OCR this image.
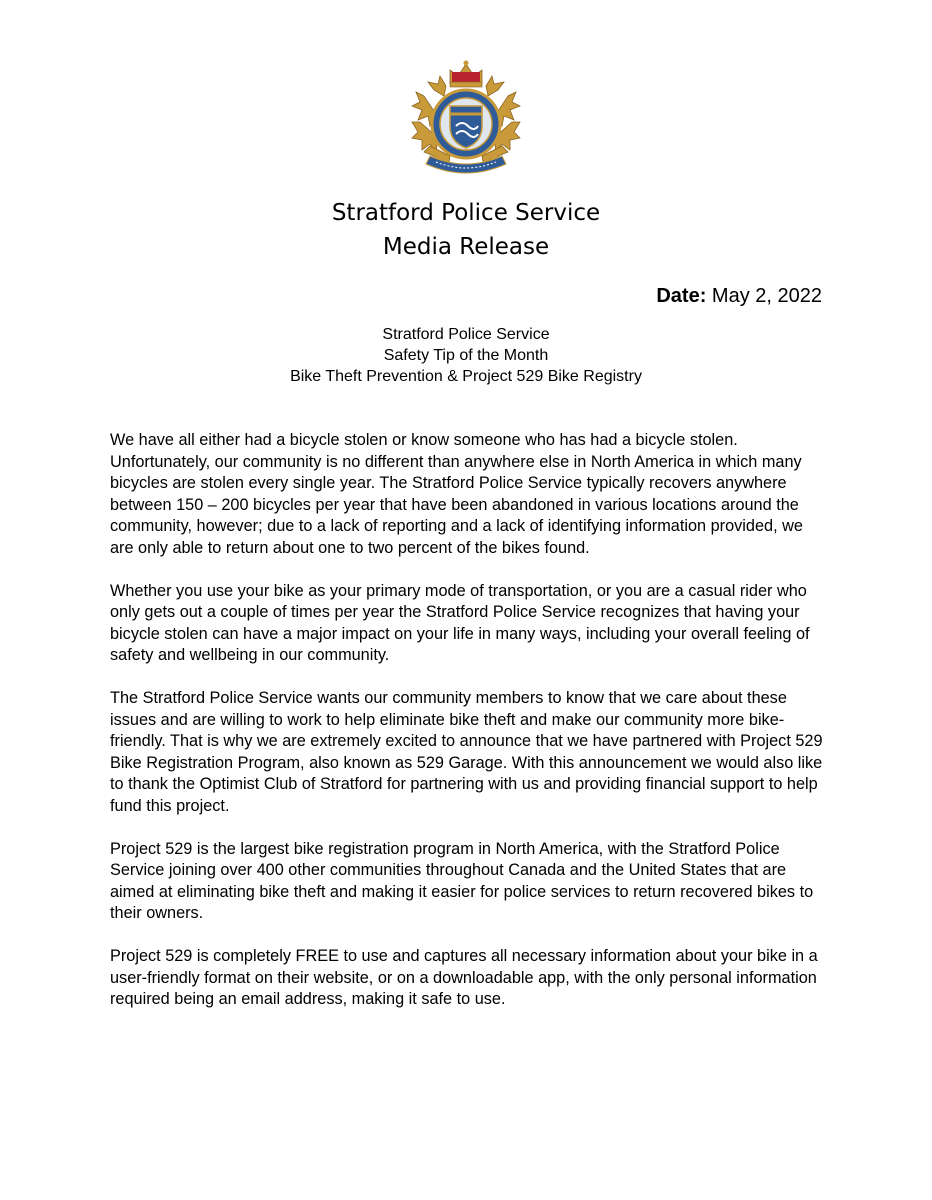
Stratford Police Service
Media Release
Date: May 2, 2022
Stratford Police Service
Safety Tip of the Month
Bike Theft Prevention & Project 529 Bike Registry

We have all either had a bicycle stolen or know someone who has had a bicycle stolen. Unfortunately, our community is no different than anywhere else in North America in which many bicycles are stolen every single year. The Stratford Police Service typically recovers anywhere between 150 – 200 bicycles per year that have been abandoned in various locations around the community, however; due to a lack of reporting and a lack of identifying information provided, we are only able to return about one to two percent of the bikes found.

Whether you use your bike as your primary mode of transportation, or you are a casual rider who only gets out a couple of times per year the Stratford Police Service recognizes that having your bicycle stolen can have a major impact on your life in many ways, including your overall feeling of safety and wellbeing in our community.

The Stratford Police Service wants our community members to know that we care about these issues and are willing to work to help eliminate bike theft and make our community more bike-friendly. That is why we are extremely excited to announce that we have partnered with Project 529 Bike Registration Program, also known as 529 Garage. With this announcement we would also like to thank the Optimist Club of Stratford for partnering with us and providing financial support to help fund this project.

Project 529 is the largest bike registration program in North America, with the Stratford Police Service joining over 400 other communities throughout Canada and the United States that are aimed at eliminating bike theft and making it easier for police services to return recovered bikes to their owners.

Project 529 is completely FREE to use and captures all necessary information about your bike in a user-friendly format on their website, or on a downloadable app, with the only personal information required being an email address, making it safe to use.
